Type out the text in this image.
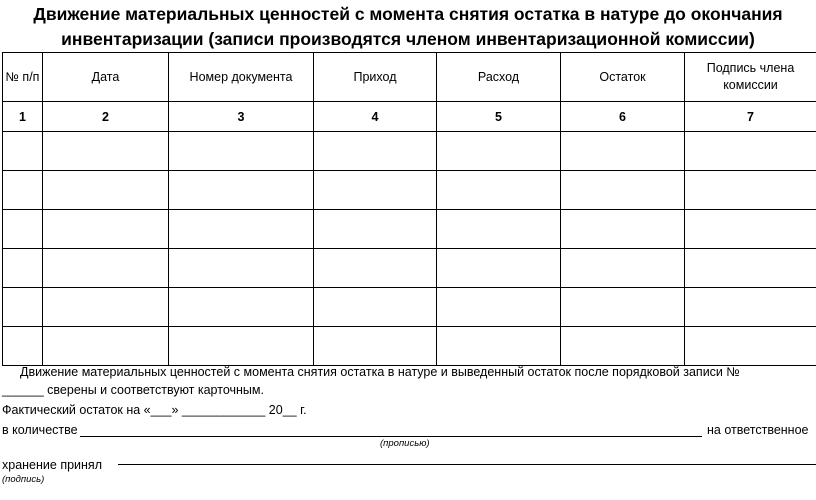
Движение материальных ценностей с момента снятия остатка в натуре до окончания
инвентаризации (записи производятся членом инвентаризационной комиссии)
№ п/п	Дата	Номер документа	Приход	Расход	Остаток	Подпись члена комиссии
1	2	3	4	5	6	7

Движение материальных ценностей с момента снятия остатка в натуре и выведенный остаток после порядковой записи №
______ сверены и соответствуют карточным.
Фактический остаток на «___» ____________ 20__ г.
в количестве	на ответственное
(прописью)
хранение принял
(подпись)
